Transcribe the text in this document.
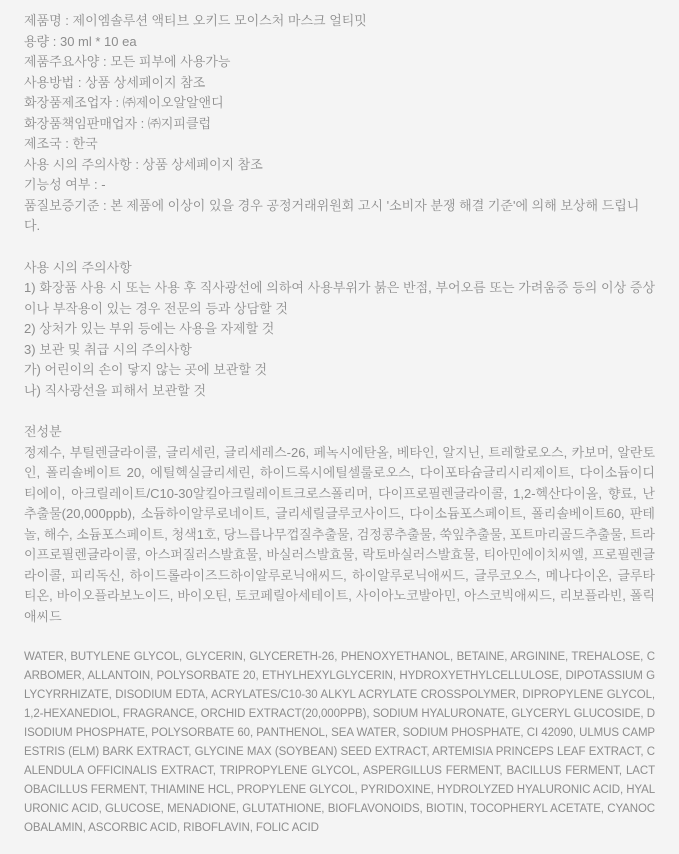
제품명 : 제이엠솔루션 액티브 오키드 모이스처 마스크 얼티밋
용량 : 30 ml * 10 ea
제품주요사양 : 모든 피부에 사용가능
사용방법 : 상품 상세페이지 참조
화장품제조업자 : ㈜제이오알알앤디
화장품책임판매업자 : ㈜지피클럽
제조국 : 한국
사용 시의 주의사항 : 상품 상세페이지 참조
기능성 여부 : -
품질보증기준 : 본 제품에 이상이 있을 경우 공정거래위원회 고시 '소비자 분쟁 해결 기준'에 의해 보상해 드립니다.
사용 시의 주의사항
1) 화장품 사용 시 또는 사용 후 직사광선에 의하여 사용부위가 붉은 반점, 부어오름 또는 가려움증 등의 이상 증상이나 부작용이 있는 경우 전문의 등과 상담할 것
2) 상처가 있는 부위 등에는 사용을 자제할 것
3) 보관 및 취급 시의 주의사항
가) 어린이의 손이 닿지 않는 곳에 보관할 것
나) 직사광선을 피해서 보관할 것
전성분
정제수, 부틸렌글라이콜, 글리세린, 글리세레스-26, 페녹시에탄올, 베타인, 알지닌, 트레할로오스, 카보머, 알란토인, 폴리솔베이트 20, 에틸헥실글리세린, 하이드록시에틸셀룰로오스, 다이포타슘글리시리제이트, 다이소듐이디티에이, 아크릴레이트/C10-30알킬아크릴레이트크로스폴리머, 다이프로필렌글라이콜, 1,2-헥산다이올, 향료, 난추출물(20,000ppb), 소듐하이알루로네이트, 글리세릴글루코사이드, 다이소듐포스페이트, 폴리솔베이트60, 판테놀, 해수, 소듐포스페이트, 청색1호, 당느릅나무껍질추출물, 검정콩추출물, 쑥잎추출물, 포트마리골드추출물, 트라이프로필렌글라이콜, 아스퍼질러스발효물, 바실러스발효물, 락토바실러스발효물, 티아민에이치씨엘, 프로필렌글라이콜, 피리독신, 하이드롤라이즈드하이알루로닉애씨드, 하이알루로닉애씨드, 글루코오스, 메나다이온, 글루타티온, 바이오플라보노이드, 바이오틴, 토코페릴아세테이트, 사이아노코발아민, 아스코빅애씨드, 리보플라빈, 폴릭애씨드
WATER, BUTYLENE GLYCOL, GLYCERIN, GLYCERETH-26, PHENOXYETHANOL, BETAINE, ARGININE, TREHALOSE, CARBOMER, ALLANTOIN, POLYSORBATE 20, ETHYLHEXYLGLYCERIN, HYDROXYETHYLCELLULOSE, DIPOTASSIUM GLYCYRRHIZATE, DISODIUM EDTA, ACRYLATES/C10-30 ALKYL ACRYLATE CROSSPOLYMER, DIPROPYLENE GLYCOL, 1,2-HEXANEDIOL, FRAGRANCE, ORCHID EXTRACT(20,000PPB), SODIUM HYALURONATE, GLYCERYL GLUCOSIDE, DISODIUM PHOSPHATE, POLYSORBATE 60, PANTHENOL, SEA WATER, SODIUM PHOSPHATE, CI 42090, ULMUS CAMPESTRIS (ELM) BARK EXTRACT, GLYCINE MAX (SOYBEAN) SEED EXTRACT, ARTEMISIA PRINCEPS LEAF EXTRACT, CALENDULA OFFICINALIS EXTRACT, TRIPROPYLENE GLYCOL, ASPERGILLUS FERMENT, BACILLUS FERMENT, LACTOBACILLUS FERMENT, THIAMINE HCL, PROPYLENE GLYCOL, PYRIDOXINE, HYDROLYZED HYALURONIC ACID, HYALURONIC ACID, GLUCOSE, MENADIONE, GLUTATHIONE, BIOFLAVONOIDS, BIOTIN, TOCOPHERYL ACETATE, CYANOCOBALAMIN, ASCORBIC ACID, RIBOFLAVIN, FOLIC ACID
